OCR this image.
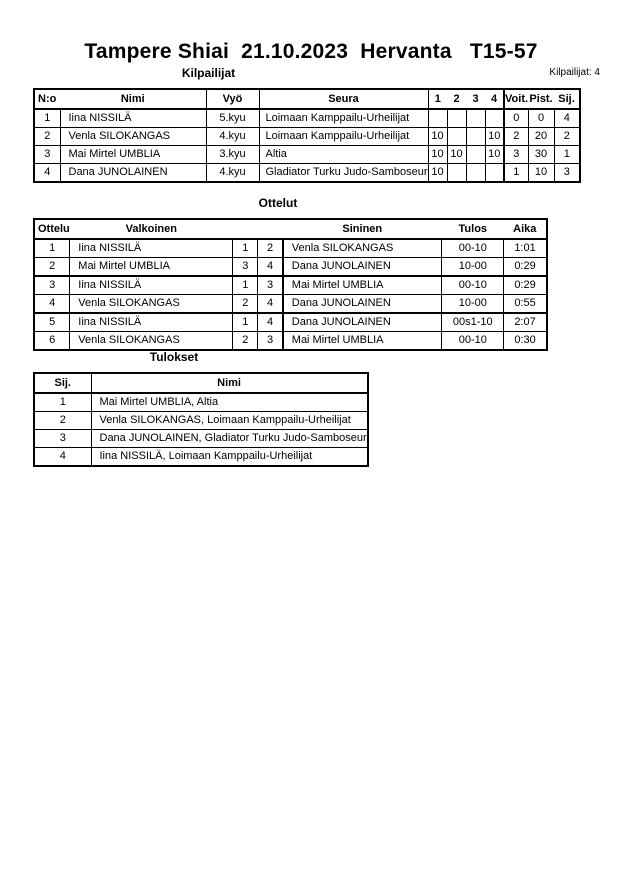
Tampere Shiai  21.10.2023  Hervanta   T15-57
Kilpailijat	Kilpailijat: 4
N:o	Nimi	Vyö	Seura	1	2	3	4	Voit.	Pist.	Sij.
1	Iina NISSILÄ	5.kyu	Loimaan Kamppailu-Urheilijat					0	0	4
2	Venla SILOKANGAS	4.kyu	Loimaan Kamppailu-Urheilijat	10			10	2	20	2
3	Mai Mirtel UMBLIA	3.kyu	Altia	10	10		10	3	30	1
4	Dana JUNOLAINEN	4.kyu	Gladiator Turku Judo-Samboseur	10				1	10	3
Ottelut
Ottelu	Valkoinen			Sininen	Tulos	Aika
1	Iina NISSILÄ	1	2	Venla SILOKANGAS	00-10	1:01
2	Mai Mirtel UMBLIA	3	4	Dana JUNOLAINEN	10-00	0:29
3	Iina NISSILÄ	1	3	Mai Mirtel UMBLIA	00-10	0:29
4	Venla SILOKANGAS	2	4	Dana JUNOLAINEN	10-00	0:55
5	Iina NISSILÄ	1	4	Dana JUNOLAINEN	00s1-10	2:07
6	Venla SILOKANGAS	2	3	Mai Mirtel UMBLIA	00-10	0:30
Tulokset
Sij.	Nimi
1	Mai Mirtel UMBLIA, Altia
2	Venla SILOKANGAS, Loimaan Kamppailu-Urheilijat
3	Dana JUNOLAINEN, Gladiator Turku Judo-Samboseur
4	Iina NISSILÄ, Loimaan Kamppailu-Urheilijat
